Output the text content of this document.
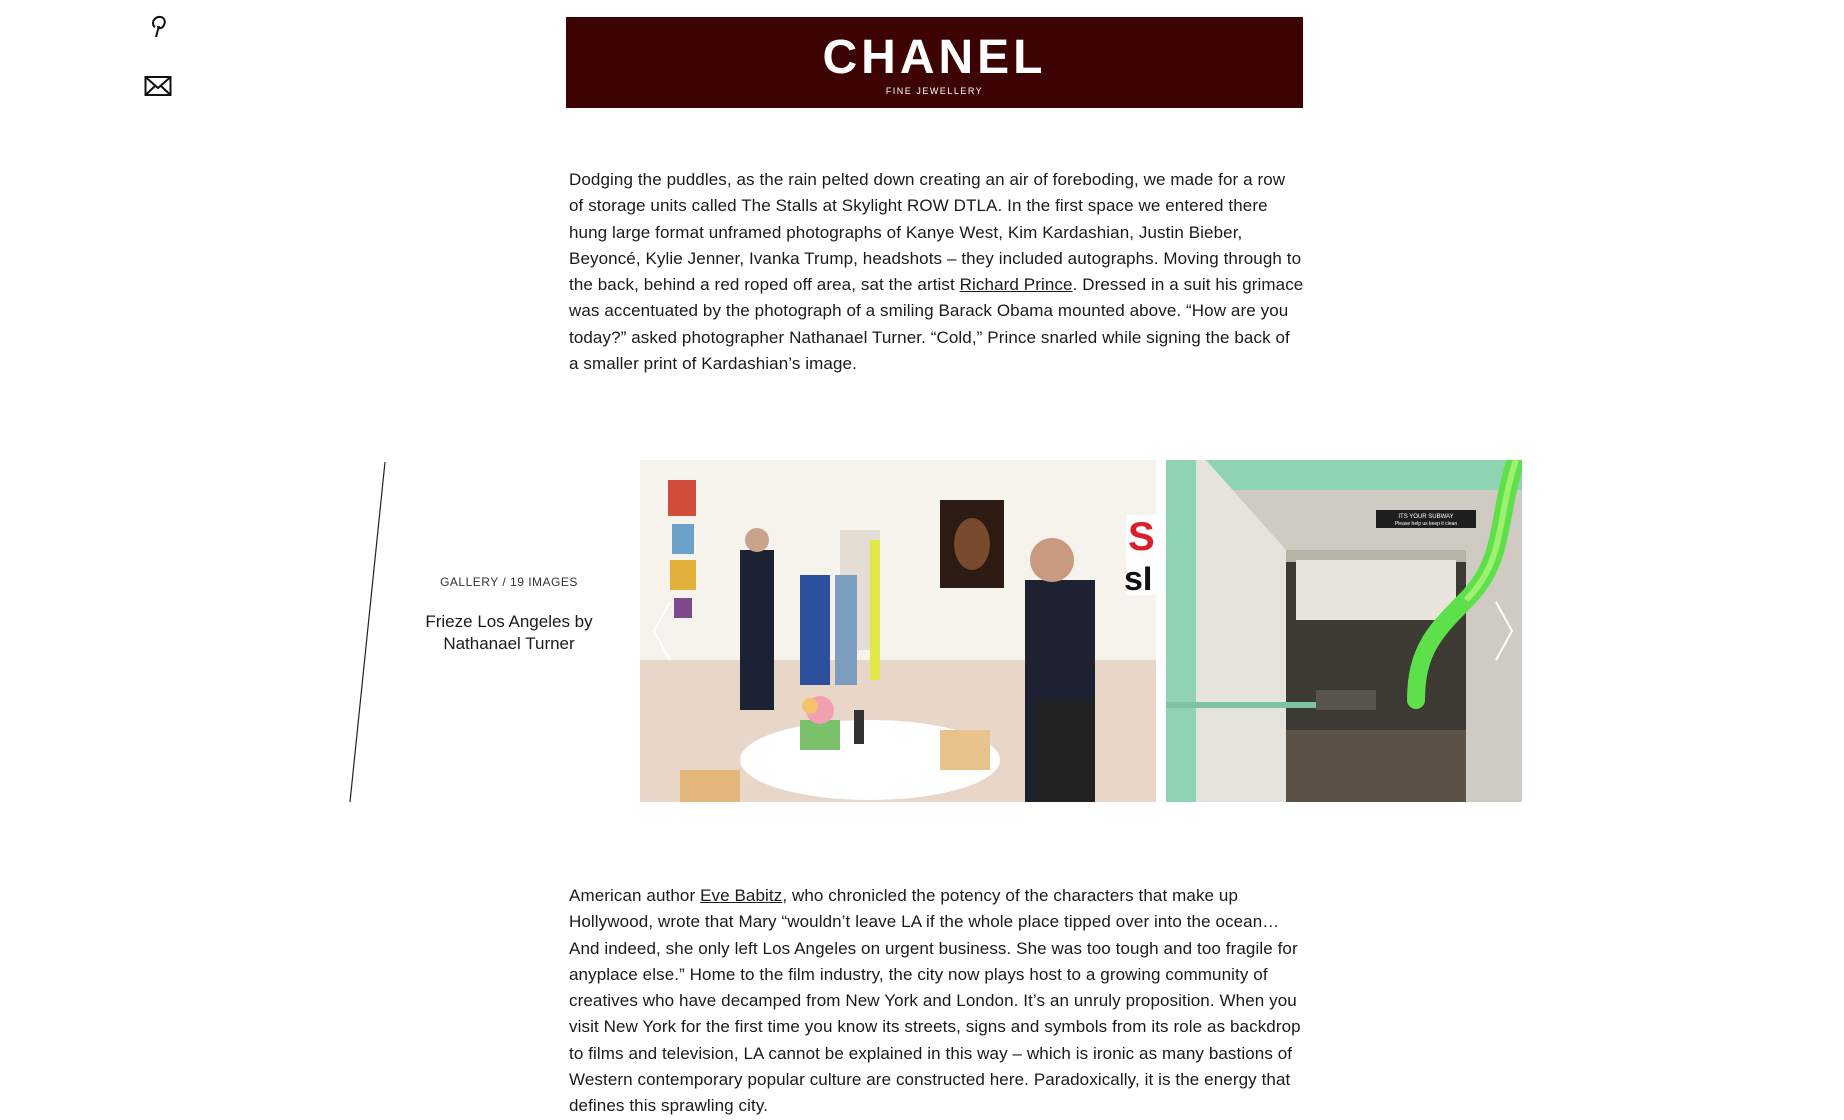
CHANEL
FINE JEWELLERY

Dodging the puddles, as the rain pelted down creating an air of foreboding, we made for a row of storage units called The Stalls at Skylight ROW DTLA. In the first space we entered there hung large format unframed photographs of Kanye West, Kim Kardashian, Justin Bieber, Beyoncé, Kylie Jenner, Ivanka Trump, headshots – they included autographs. Moving through to the back, behind a red roped off area, sat the artist Richard Prince. Dressed in a suit his grimace was accentuated by the photograph of a smiling Barack Obama mounted above. “How are you today?” asked photographer Nathanael Turner. “Cold,” Prince snarled while signing the back of a smaller print of Kardashian’s image.

GALLERY / 19 IMAGES
Frieze Los Angeles by Nathanael Turner
S
sI
ITS YOUR SUBWAY
Please help us keep it clean

American author Eve Babitz, who chronicled the potency of the characters that make up Hollywood, wrote that Mary “wouldn’t leave LA if the whole place tipped over into the ocean… And indeed, she only left Los Angeles on urgent business. She was too tough and too fragile for anyplace else.” Home to the film industry, the city now plays host to a growing community of creatives who have decamped from New York and London. It’s an unruly proposition. When you visit New York for the first time you know its streets, signs and symbols from its role as backdrop to films and television, LA cannot be explained in this way – which is ironic as many bastions of Western contemporary popular culture are constructed here. Paradoxically, it is the energy that defines this sprawling city.
